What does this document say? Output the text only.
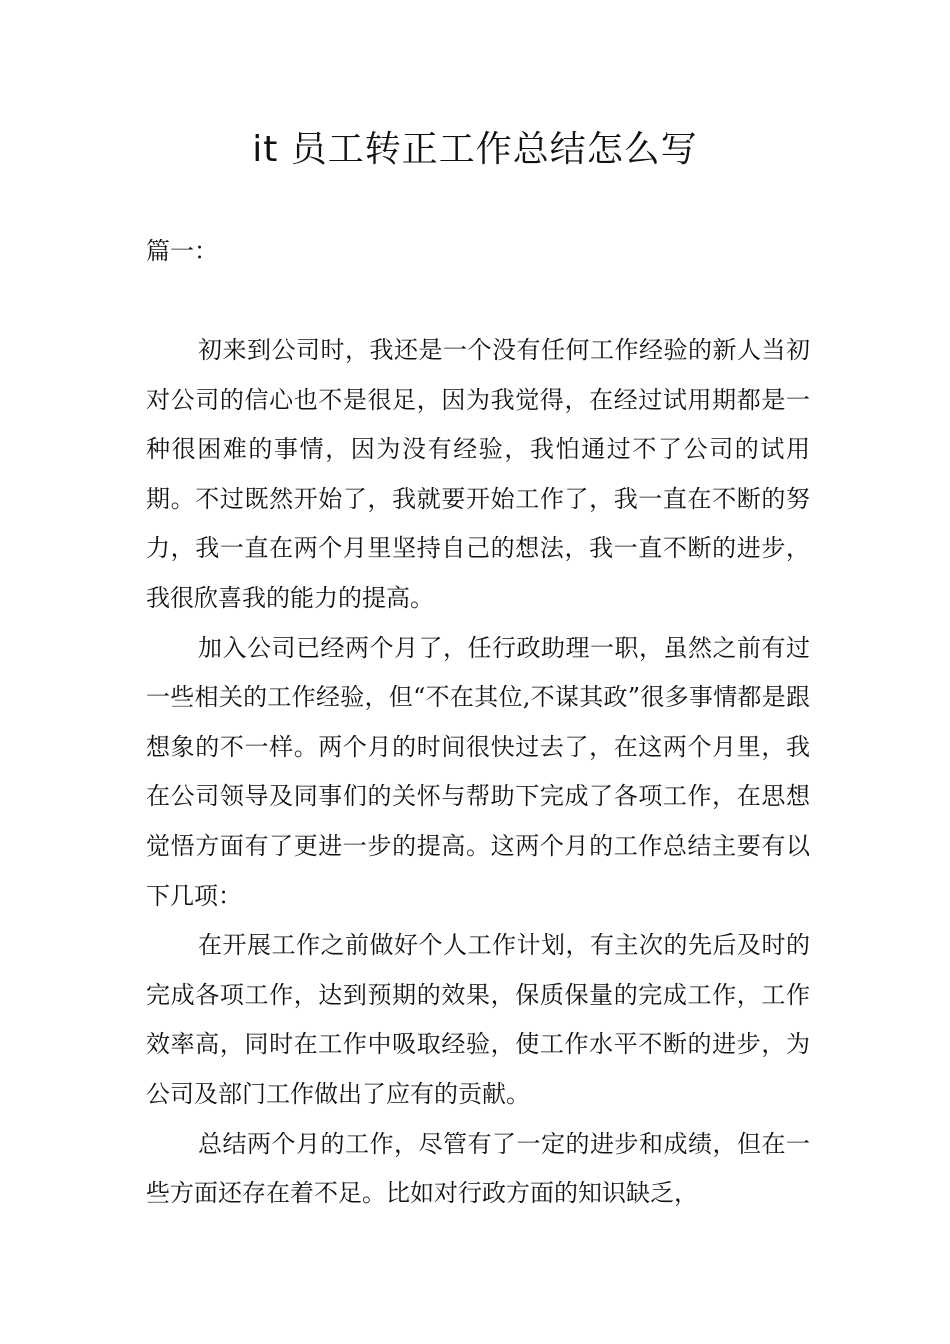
it 员工转正工作总结怎么写

篇一：

初来到公司时，我还是一个没有任何工作经验的新人当初对公司的信心也不是很足，因为我觉得，在经过试用期都是一种很困难的事情，因为没有经验，我怕通过不了公司的试用期。不过既然开始了，我就要开始工作了，我一直在不断的努力，我一直在两个月里坚持自己的想法，我一直不断的进步，我很欣喜我的能力的提高。

加入公司已经两个月了，任行政助理一职，虽然之前有过一些相关的工作经验，但“不在其位,不谋其政”很多事情都是跟想象的不一样。两个月的时间很快过去了，在这两个月里，我在公司领导及同事们的关怀与帮助下完成了各项工作，在思想觉悟方面有了更进一步的提高。这两个月的工作总结主要有以下几项：

在开展工作之前做好个人工作计划，有主次的先后及时的完成各项工作，达到预期的效果，保质保量的完成工作，工作效率高，同时在工作中吸取经验，使工作水平不断的进步，为公司及部门工作做出了应有的贡献。

总结两个月的工作，尽管有了一定的进步和成绩，但在一些方面还存在着不足。比如对行政方面的知识缺乏，
